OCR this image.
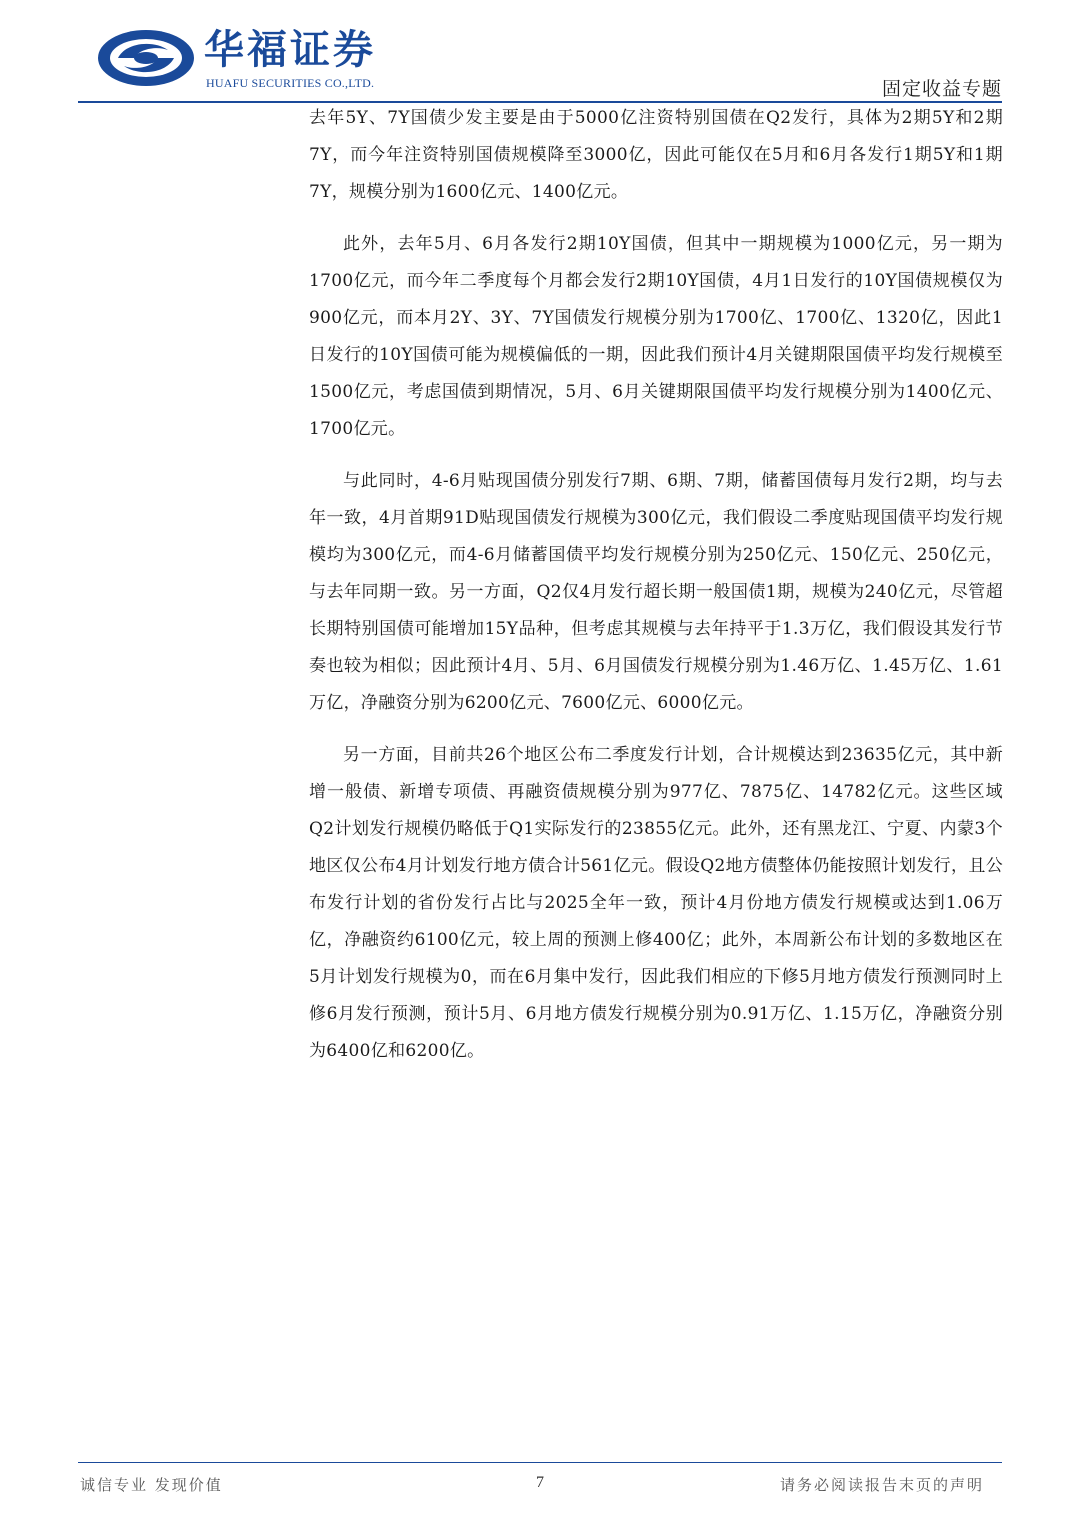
华福证券
HUAFU SECURITIES CO.,LTD.	固定收益专题

去年5Y、7Y国债少发主要是由于5000亿注资特别国债在Q2发行，具体为2期5Y和2期7Y，而今年注资特别国债规模降至3000亿，因此可能仅在5月和6月各发行1期5Y和1期7Y，规模分别为1600亿元、1400亿元。

此外，去年5月、6月各发行2期10Y国债，但其中一期规模为1000亿元，另一期为1700亿元，而今年二季度每个月都会发行2期10Y国债，4月1日发行的10Y国债规模仅为900亿元，而本月2Y、3Y、7Y国债发行规模分别为1700亿、1700亿、1320亿，因此1日发行的10Y国债可能为规模偏低的一期，因此我们预计4月关键期限国债平均发行规模至1500亿元，考虑国债到期情况，5月、6月关键期限国债平均发行规模分别为1400亿元、1700亿元。

与此同时，4-6月贴现国债分别发行7期、6期、7期，储蓄国债每月发行2期，均与去年一致，4月首期91D贴现国债发行规模为300亿元，我们假设二季度贴现国债平均发行规模均为300亿元，而4-6月储蓄国债平均发行规模分别为250亿元、150亿元、250亿元，与去年同期一致。另一方面，Q2仅4月发行超长期一般国债1期，规模为240亿元，尽管超长期特别国债可能增加15Y品种，但考虑其规模与去年持平于1.3万亿，我们假设其发行节奏也较为相似；因此预计4月、5月、6月国债发行规模分别为1.46万亿、1.45万亿、1.61万亿，净融资分别为6200亿元、7600亿元、6000亿元。

另一方面，目前共26个地区公布二季度发行计划，合计规模达到23635亿元，其中新增一般债、新增专项债、再融资债规模分别为977亿、7875亿、14782亿元。这些区域Q2计划发行规模仍略低于Q1实际发行的23855亿元。此外，还有黑龙江、宁夏、内蒙3个地区仅公布4月计划发行地方债合计561亿元。假设Q2地方债整体仍能按照计划发行，且公布发行计划的省份发行占比与2025全年一致，预计4月份地方债发行规模或达到1.06万亿，净融资约6100亿元，较上周的预测上修400亿；此外，本周新公布计划的多数地区在5月计划发行规模为0，而在6月集中发行，因此我们相应的下修5月地方债发行预测同时上修6月发行预测，预计5月、6月地方债发行规模分别为0.91万亿、1.15万亿，净融资分别为6400亿和6200亿。

诚信专业 发现价值	7	请务必阅读报告末页的声明
